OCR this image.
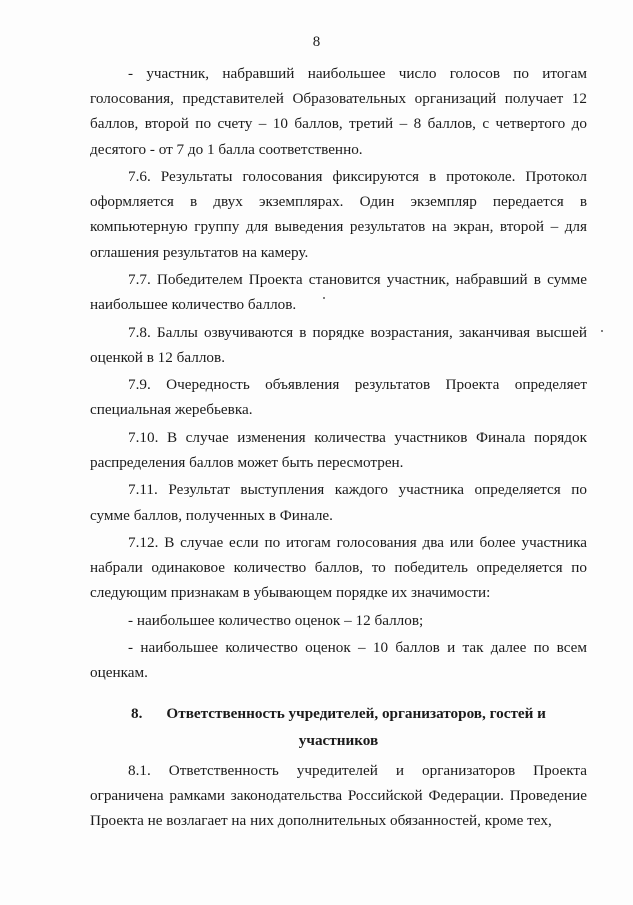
8

- участник, набравший наибольшее число голосов по итогам голосования, представителей Образовательных организаций получает 12 баллов, второй по счету – 10 баллов, третий – 8 баллов, с четвертого до десятого - от 7 до 1 балла соответственно.

7.6. Результаты голосования фиксируются в протоколе. Протокол оформляется в двух экземплярах. Один экземпляр передается в компьютерную группу для выведения результатов на экран, второй – для оглашения результатов на камеру.

7.7. Победителем Проекта становится участник, набравший в сумме наибольшее количество баллов.

7.8. Баллы озвучиваются в порядке возрастания, заканчивая высшей оценкой в 12 баллов.

7.9. Очередность объявления результатов Проекта определяет специальная жеребьевка.

7.10. В случае изменения количества участников Финала порядок распределения баллов может быть пересмотрен.

7.11. Результат выступления каждого участника определяется по сумме баллов, полученных в Финале.

7.12. В случае если по итогам голосования два или более участника набрали одинаковое количество баллов, то победитель определяется по следующим признакам в убывающем порядке их значимости:

- наибольшее количество оценок – 12 баллов;

- наибольшее количество оценок – 10 баллов и так далее по всем оценкам.

8. Ответственность учредителей, организаторов, гостей и участников

8.1. Ответственность учредителей и организаторов Проекта ограничена рамками законодательства Российской Федерации. Проведение Проекта не возлагает на них дополнительных обязанностей, кроме тех,
